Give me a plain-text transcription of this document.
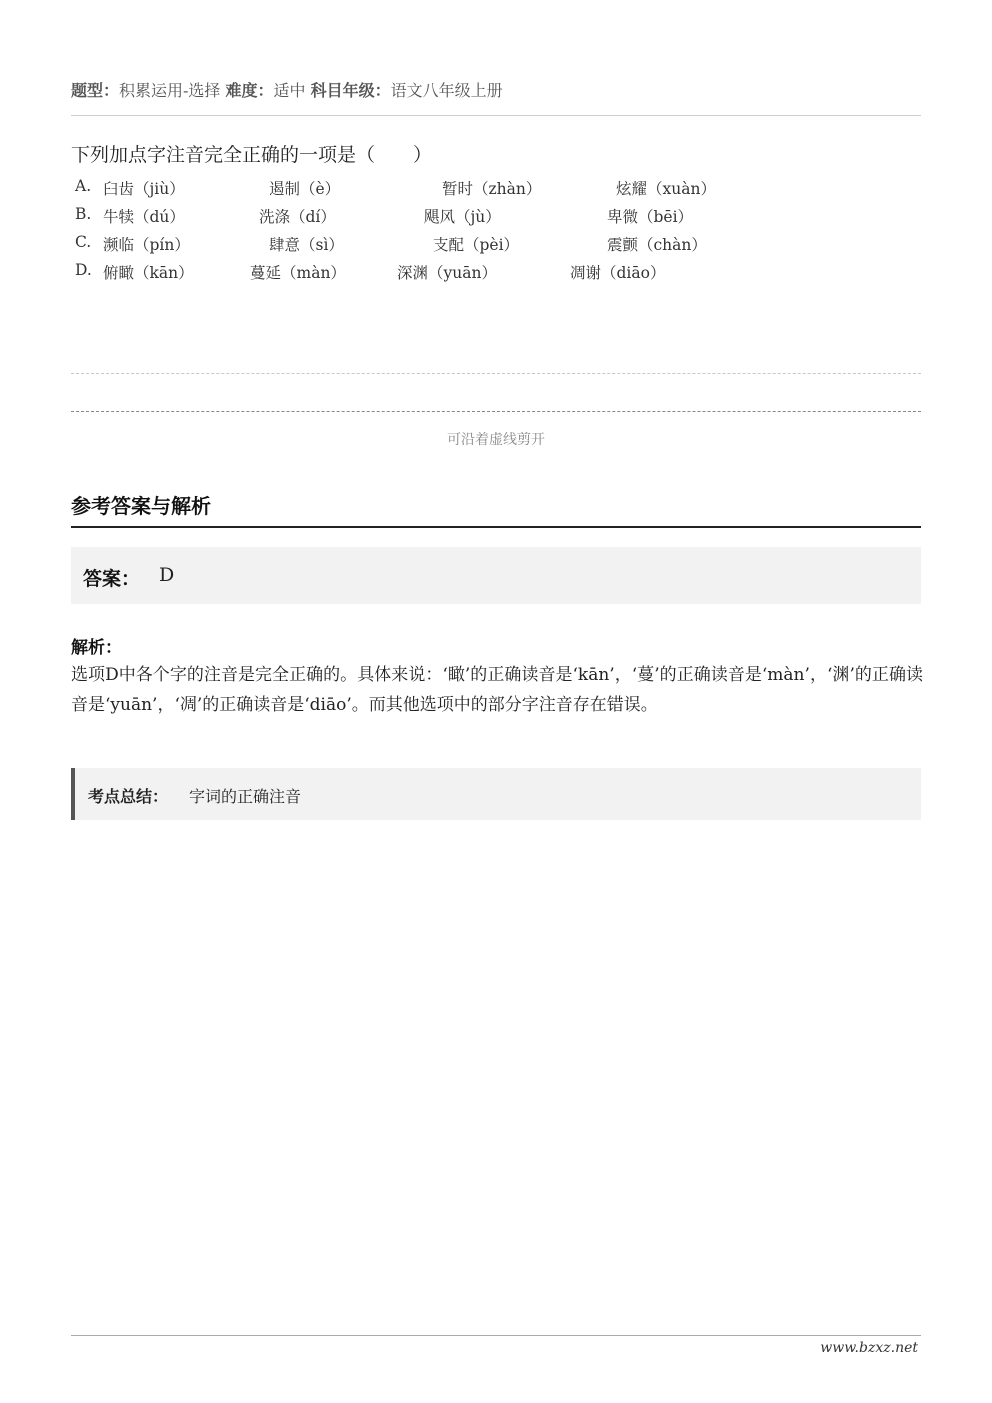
题型：积累运用-选择 难度：适中 科目年级：语文八年级上册
下列加点字注音完全正确的一项是（　　）
A. 臼齿（jiù）	遏制（è）	暂时（zhàn）	炫耀（xuàn）
B. 牛犊（dú）	洗涤（dí）	飓风（jù）	卑微（bēi）
C. 濒临（pín）	肆意（sì）	支配（pèi）	震颤（chàn）
D. 俯瞰（kān）	蔓延（màn）	深渊（yuān）	凋谢（diāo）
可沿着虚线剪开
参考答案与解析
答案： D
解析：
选项D中各个字的注音是完全正确的。具体来说：‘瞰’的正确读音是‘kān’，‘蔓’的正确读音是‘màn’，‘渊’的正确读音是‘yuān’，‘凋’的正确读音是‘diāo’。而其他选项中的部分字注音存在错误。
考点总结： 字词的正确注音
www.bzxz.net
